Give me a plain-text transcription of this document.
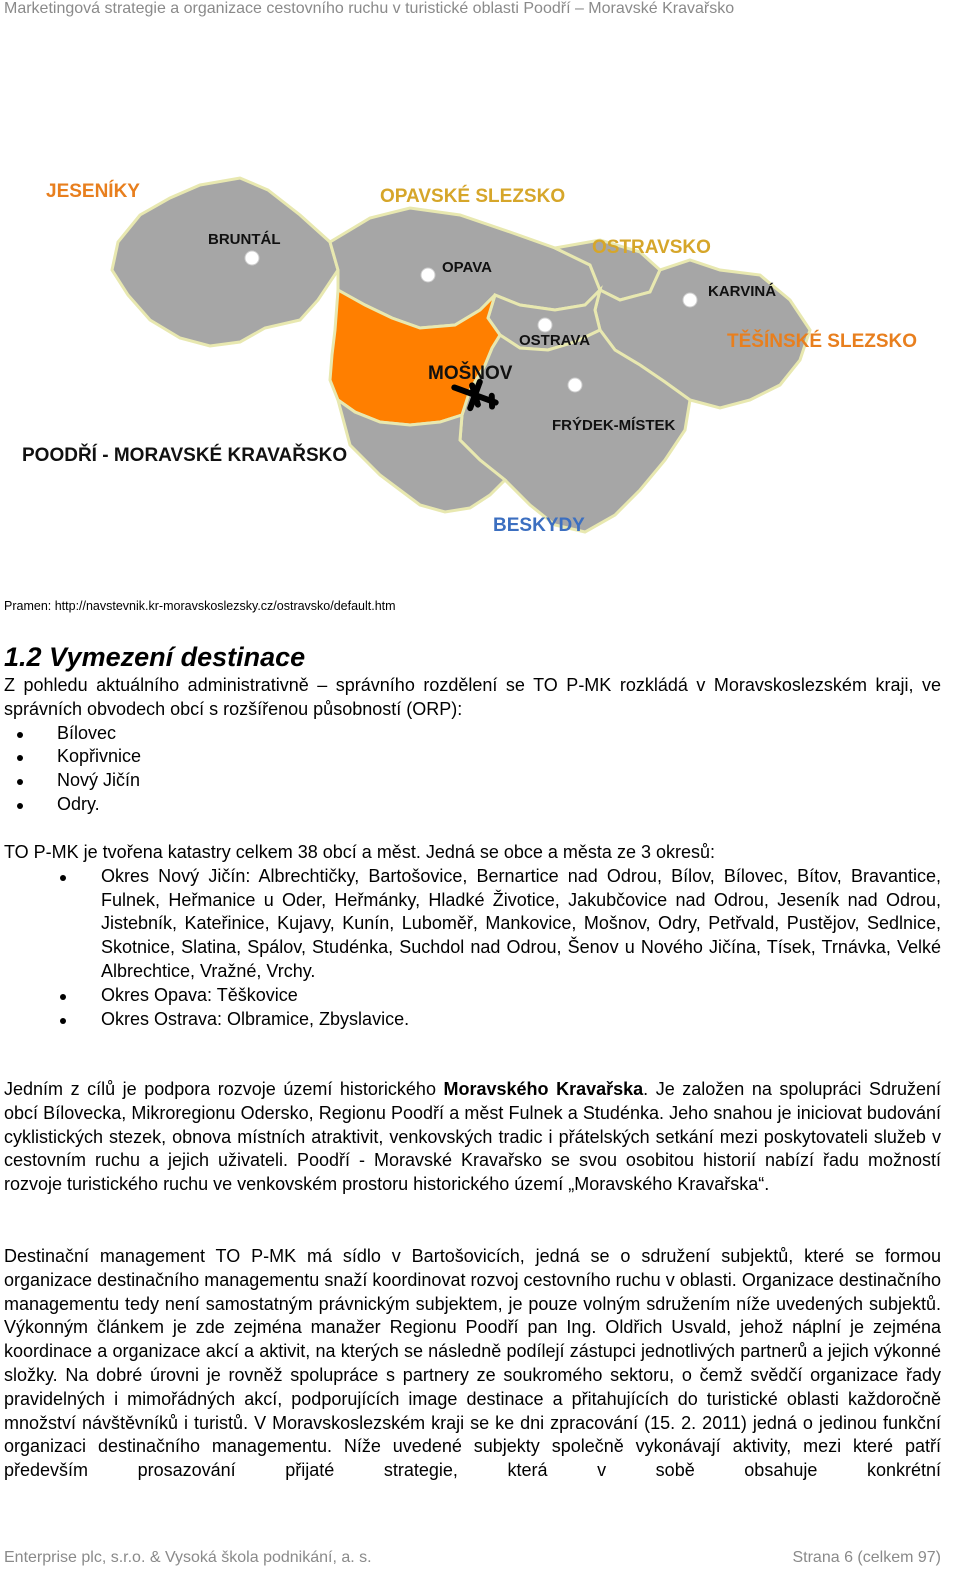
Marketingová strategie a organizace cestovního ruchu v turistické oblasti Poodří – Moravské Kravařsko
JESENÍKY	OPAVSKÉ SLEZSKO
OSTRAVSKO
TĚŠÍNSKÉ SLEZSKO
POODŘÍ - MORAVSKÉ KRAVAŘSKO
BESKYDY
BRUNTÁL
OPAVA
KARVINÁ
OSTRAVA
MOŠNOV
FRÝDEK-MÍSTEK
Pramen: http://navstevnik.kr-moravskoslezsky.cz/ostravsko/default.htm
1.2 Vymezení destinace

Z pohledu aktuálního administrativně – správního rozdělení se TO P-MK rozkládá v Moravskoslezském kraji, ve správních obvodech obcí s rozšířenou působností (ORP):

Bílovec
Kopřivnice
Nový Jičín
Odry.

TO P-MK je tvořena katastry celkem 38 obcí a měst. Jedná se obce a města ze 3 okresů:

Okres Nový Jičín: Albrechtičky, Bartošovice, Bernartice nad Odrou, Bílov, Bílovec, Bítov, Bravantice, Fulnek, Heřmanice u Oder, Heřmánky, Hladké Životice, Jakubčovice nad Odrou, Jeseník nad Odrou, Jistebník, Kateřinice, Kujavy, Kunín, Luboměř, Mankovice, Mošnov, Odry, Petřvald, Pustějov, Sedlnice, Skotnice, Slatina, Spálov, Studénka, Suchdol nad Odrou, Šenov u Nového Jičína, Tísek, Trnávka, Velké Albrechtice, Vražné, Vrchy.
Okres Opava: Těškovice
Okres Ostrava: Olbramice, Zbyslavice.

Jedním z cílů je podpora rozvoje území historického Moravského Kravařska. Je založen na spolupráci Sdružení obcí Bílovecka, Mikroregionu Odersko, Regionu Poodří a měst Fulnek a Studénka. Jeho snahou je iniciovat budování cyklistických stezek, obnova místních atraktivit, venkovských tradic i přátelských setkání mezi poskytovateli služeb v cestovním ruchu a jejich uživateli. Poodří - Moravské Kravařsko se svou osobitou historií nabízí řadu možností rozvoje turistického ruchu ve venkovském prostoru historického území „Moravského Kravařska“.

Destinační management TO P-MK má sídlo v Bartošovicích, jedná se o sdružení subjektů, které se formou organizace destinačního managementu snaží koordinovat rozvoj cestovního ruchu v oblasti. Organizace destinačního managementu tedy není samostatným právnickým subjektem, je pouze volným sdružením níže uvedených subjektů. Výkonným článkem je zde zejména manažer Regionu Poodří pan Ing. Oldřich Usvald, jehož náplní je zejména koordinace a organizace akcí a aktivit, na kterých se následně podílejí zástupci jednotlivých partnerů a jejich výkonné složky. Na dobré úrovni je rovněž spolupráce s partnery ze soukromého sektoru, o čemž svědčí organizace řady pravidelných i mimořádných akcí, podporujících image destinace a přitahujících do turistické oblasti každoročně množství návštěvníků i turistů. V Moravskoslezském kraji se ke dni zpracování (15. 2. 2011) jedná o jedinou funkční organizaci destinačního managementu. Níže uvedené subjekty společně vykonávají aktivity, mezi které patří především prosazování přijaté strategie, která v sobě obsahuje konkrétní

Enterprise plc, s.r.o. & Vysoká škola podnikání, a. s.	Strana 6 (celkem 97)
